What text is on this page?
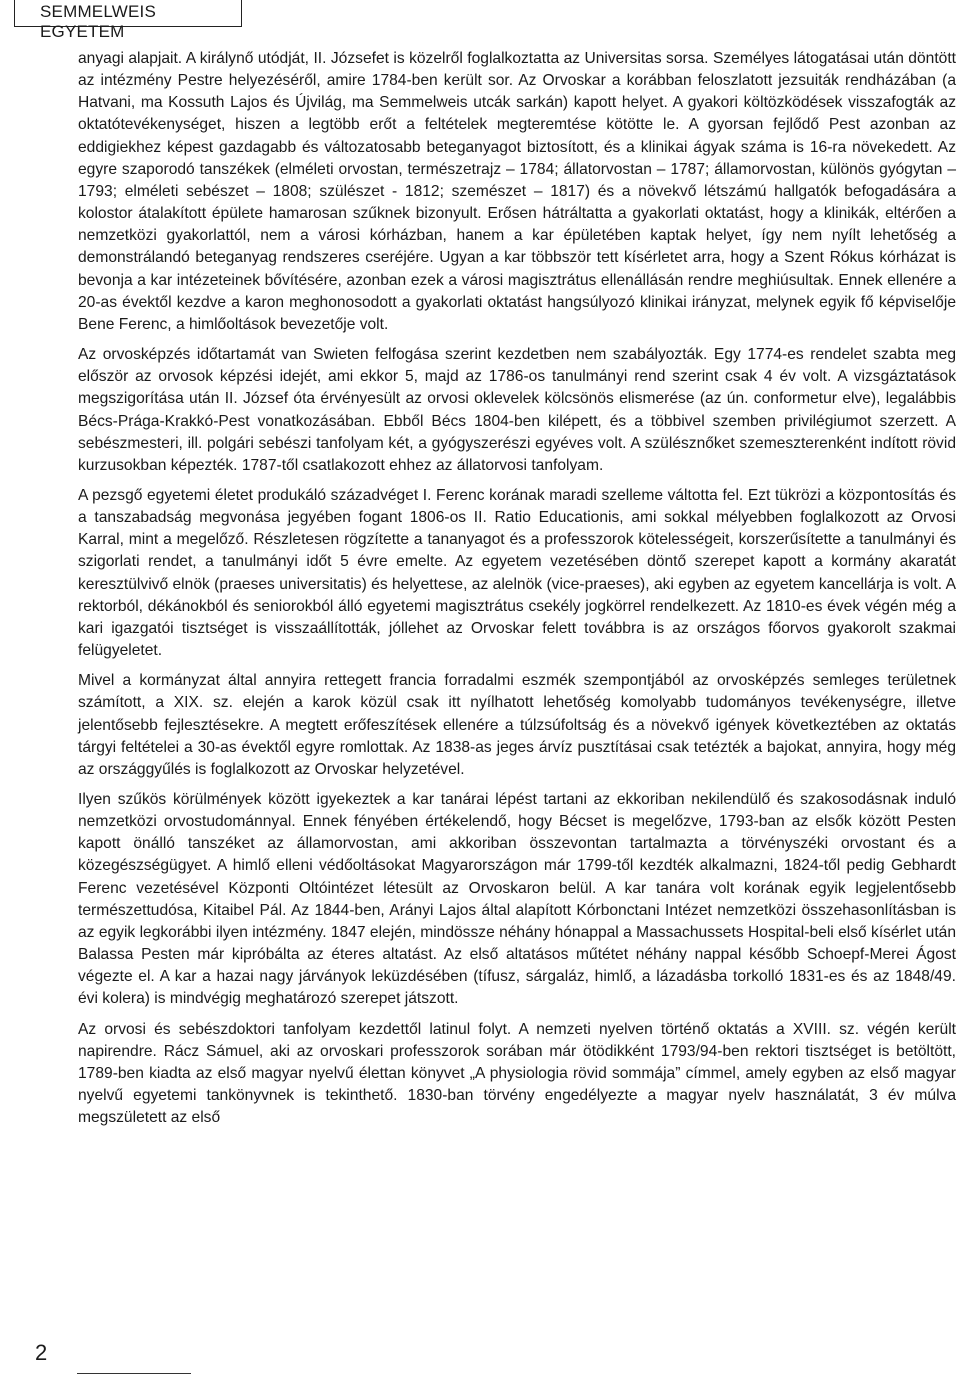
SEMMELWEIS EGYETEM

anyagi alapjait. A királynő utódját, II. Józsefet is közelről foglalkoztatta az Universitas sorsa. Személyes látogatásai után döntött az intézmény Pestre helyezéséről, amire 1784-ben került sor. Az Orvoskar a korábban feloszlatott jezsuiták rendházában (a Hatvani, ma Kossuth Lajos és Újvilág, ma Semmelweis utcák sarkán) kapott helyet. A gyakori költözködések visszafogták az oktatótevékenységet, hiszen a legtöbb erőt a feltételek megteremtése kötötte le. A gyorsan fejlődő Pest azonban az eddigiekhez képest gazdagabb és változatosabb beteganyagot biztosított, és a klinikai ágyak száma is 16-ra növekedett. Az egyre szaporodó tanszékek (elméleti orvostan, természetrajz – 1784; állatorvostan – 1787; államorvostan, különös gyógytan – 1793; elméleti sebészet – 1808; szülészet - 1812; szemészet – 1817) és a növekvő létszámú hallgatók befogadására a kolostor átalakított épülete hamarosan szűknek bizonyult. Erősen hátráltatta a gyakorlati oktatást, hogy a klinikák, eltérően a nemzetközi gyakorlattól, nem a városi kórházban, hanem a kar épületében kaptak helyet, így nem nyílt lehetőség a demonstrálandó beteganyag rendszeres cseréjére. Ugyan a kar többször tett kísérletet arra, hogy a Szent Rókus kórházat is bevonja a kar intézeteinek bővítésére, azonban ezek a városi magisztrátus ellenállásán rendre meghiúsultak. Ennek ellenére a 20-as évektől kezdve a karon meghonosodott a gyakorlati oktatást hangsúlyozó klinikai irányzat, melynek egyik fő képviselője Bene Ferenc, a himlőoltások bevezetője volt.

Az orvosképzés időtartamát van Swieten felfogása szerint kezdetben nem szabályozták. Egy 1774-es rendelet szabta meg először az orvosok képzési idejét, ami ekkor 5, majd az 1786-os tanulmányi rend szerint csak 4 év volt. A vizsgáztatások megszigorítása után II. József óta érvényesült az orvosi oklevelek kölcsönös elismerése (az ún. conformetur elve), legalábbis Bécs-Prága-Krakkó-Pest vonatkozásában. Ebből Bécs 1804-ben kilépett, és a többivel szemben privilégiumot szerzett. A sebészmesteri, ill. polgári sebészi tanfolyam két, a gyógyszerészi egyéves volt. A szülésznőket szemeszterenként indított rövid kurzusokban képezték. 1787-től csatlakozott ehhez az állatorvosi tanfolyam.

A pezsgő egyetemi életet produkáló századvéget I. Ferenc korának maradi szelleme váltotta fel. Ezt tükrözi a központosítás és a tanszabadság megvonása jegyében fogant 1806-os II. Ratio Educationis, ami sokkal mélyebben foglalkozott az Orvosi Karral, mint a megelőző. Részletesen rögzítette a tananyagot és a professzorok kötelességeit, korszerűsítette a tanulmányi és szigorlati rendet, a tanulmányi időt 5 évre emelte. Az egyetem vezetésében döntő szerepet kapott a kormány akaratát keresztülvivő elnök (praeses universitatis) és helyettese, az alelnök (vice-praeses), aki egyben az egyetem kancellárja is volt. A rektorból, dékánokból és seniorokból álló egyetemi magisztrátus csekély jogkörrel rendelkezett. Az 1810-es évek végén még a kari igazgatói tisztséget is visszaállították, jóllehet az Orvoskar felett továbbra is az országos főorvos gyakorolt szakmai felügyeletet.

Mivel a kormányzat által annyira rettegett francia forradalmi eszmék szempontjából az orvosképzés semleges területnek számított, a XIX. sz. elején a karok közül csak itt nyílhatott lehetőség komolyabb tudományos tevékenységre, illetve jelentősebb fejlesztésekre. A megtett erőfeszítések ellenére a túlzsúfoltság és a növekvő igények következtében az oktatás tárgyi feltételei a 30-as évektől egyre romlottak. Az 1838-as jeges árvíz pusztításai csak tetézték a bajokat, annyira, hogy még az országgyűlés is foglalkozott az Orvoskar helyzetével.

Ilyen szűkös körülmények között igyekeztek a kar tanárai lépést tartani az ekkoriban nekilendülő és szakosodásnak induló nemzetközi orvostudománnyal. Ennek fényében értékelendő, hogy Bécset is megelőzve, 1793-ban az elsők között Pesten kapott önálló tanszéket az államorvostan, ami akkoriban összevontan tartalmazta a törvényszéki orvostant és a közegészségügyet. A himlő elleni védőoltásokat Magyarországon már 1799-től kezdték alkalmazni, 1824-től pedig Gebhardt Ferenc vezetésével Központi Oltóintézet létesült az Orvoskaron belül. A kar tanára volt korának egyik legjelentősebb természettudósa, Kitaibel Pál. Az 1844-ben, Arányi Lajos által alapított Kórbonctani Intézet nemzetközi összehasonlításban is az egyik legkorábbi ilyen intézmény. 1847 elején, mindössze néhány hónappal a Massachussets Hospital-beli első kísérlet után Balassa Pesten már kipróbálta az éteres altatást. Az első altatásos műtétet néhány nappal később Schoepf-Merei Ágost végezte el. A kar a hazai nagy járványok leküzdésében (tífusz, sárgaláz, himlő, a lázadásba torkolló 1831-es és az 1848/49. évi kolera) is mindvégig meghatározó szerepet játszott.

Az orvosi és sebészdoktori tanfolyam kezdettől latinul folyt. A nemzeti nyelven történő oktatás a XVIII. sz. végén került napirendre. Rácz Sámuel, aki az orvoskari professzorok sorában már ötödikként 1793/94-ben rektori tisztséget is betöltött, 1789-ben kiadta az első magyar nyelvű élettan könyvet „A physiologia rövid sommája” címmel, amely egyben az első magyar nyelvű egyetemi tankönyvnek is tekinthető. 1830-ban törvény engedélyezte a magyar nyelv használatát, 3 év múlva megszületett az első

2
